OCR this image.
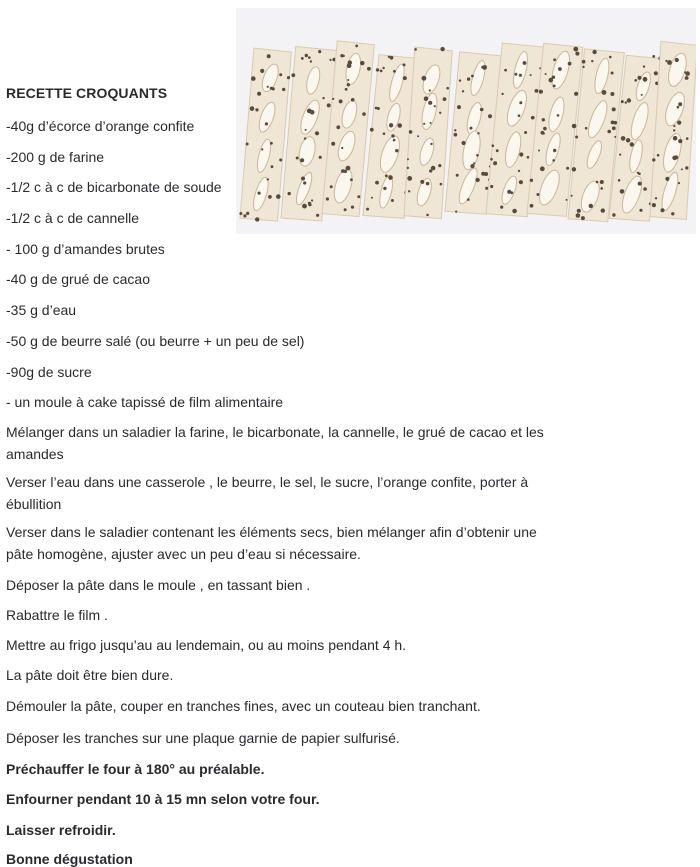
RECETTE CROQUANTS
-40g d’écorce d’orange confite
-200 g de farine
-1/2 c à c de bicarbonate de soude
-1/2 c à c de cannelle
- 100 g d’amandes brutes
-40 g de grué de cacao
-35 g d’eau
-50 g de beurre salé (ou beurre + un peu de sel)
-90g de sucre
- un moule à cake tapissé de film alimentaire
Mélanger dans un saladier la farine, le bicarbonate, la cannelle, le grué de cacao et les amandes
Verser l’eau dans une casserole , le beurre, le sel, le sucre, l’orange confite, porter à ébullition
Verser dans le saladier contenant les éléments secs, bien mélanger afin d’obtenir une pâte homogène, ajuster avec un peu d’eau si nécessaire.
Déposer la pâte dans le moule , en tassant bien .
Rabattre le film .
Mettre au frigo jusqu’au au lendemain, ou au moins pendant 4 h.
La pâte doit être bien dure.
Démouler la pâte, couper en tranches fines, avec un couteau bien tranchant.
Déposer les tranches sur une plaque garnie de papier sulfurisé.
Préchauffer le four à 180° au préalable.
Enfourner pendant 10 à 15 mn selon votre four.
Laisser refroidir.
Bonne dégustation
